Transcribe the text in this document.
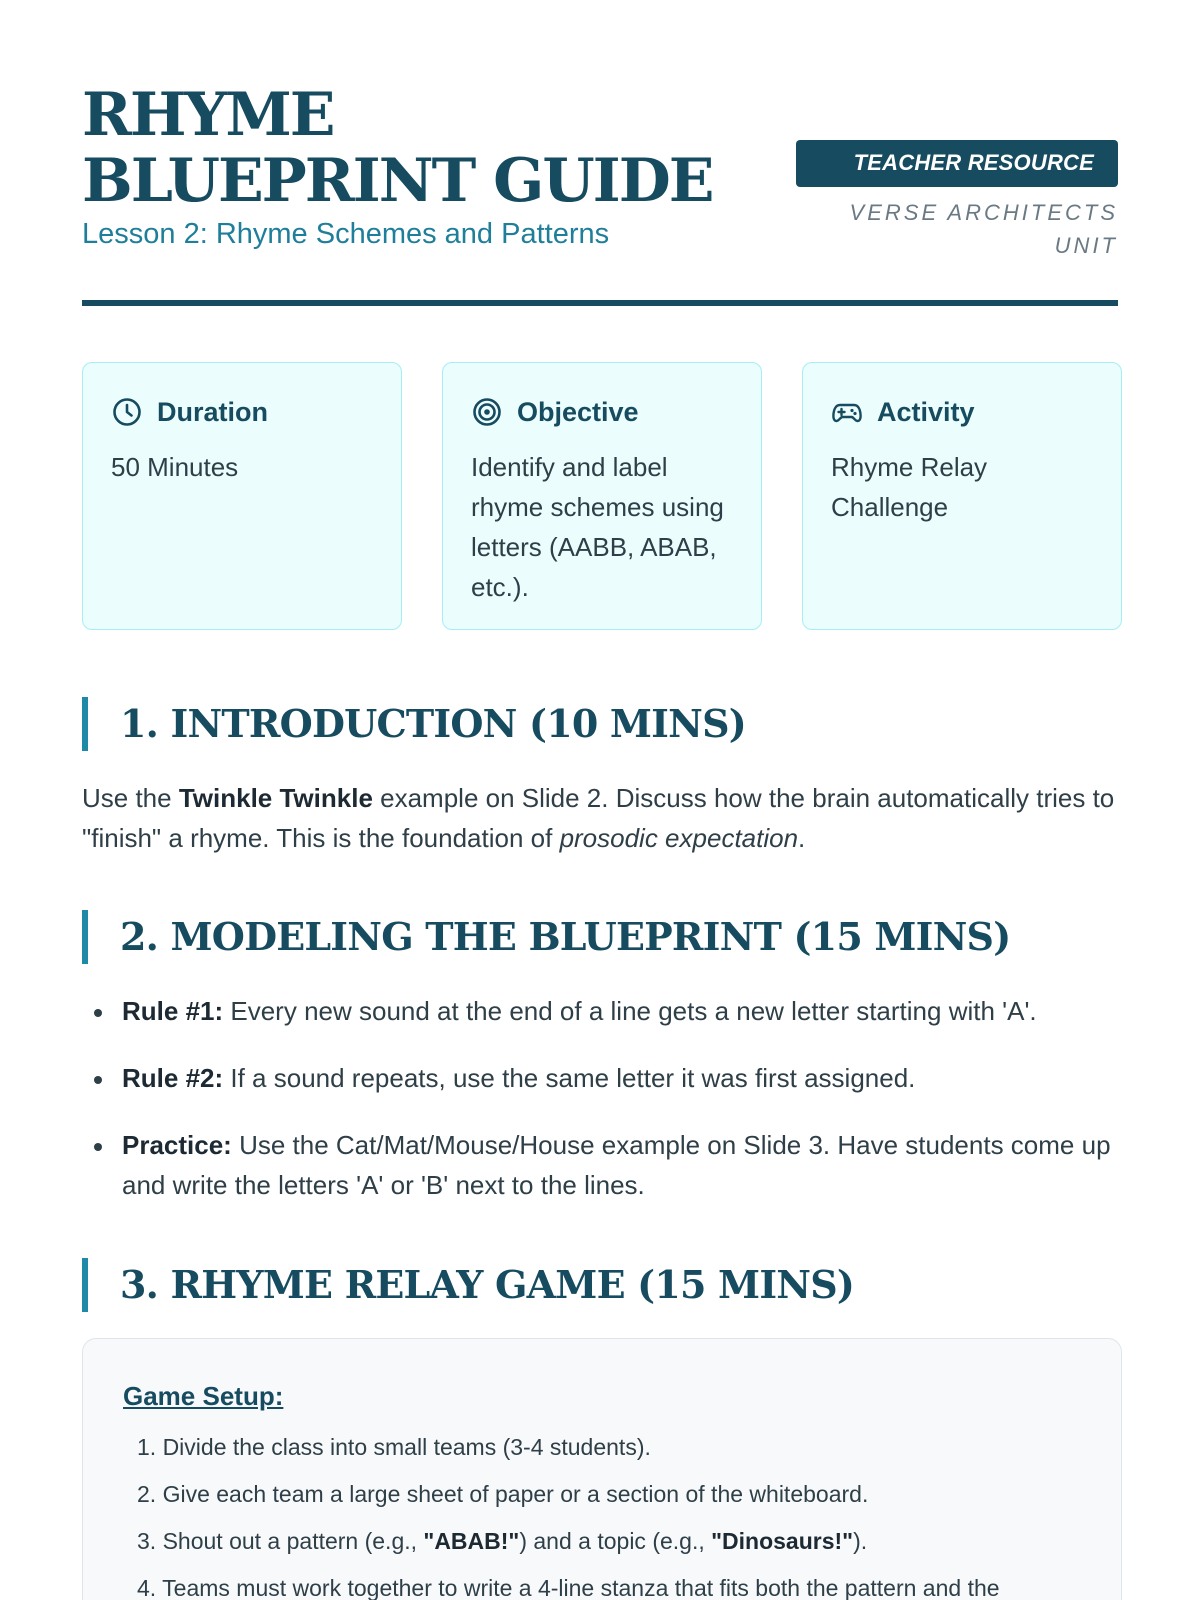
RHYME BLUEPRINT GUIDE
Lesson 2: Rhyme Schemes and Patterns
TEACHER RESOURCE
VERSE ARCHITECTS UNIT
Duration
50 Minutes
Objective
Identify and label rhyme schemes using letters (AABB, ABAB, etc.).
Activity
Rhyme Relay Challenge
1. INTRODUCTION (10 MINS)

Use the Twinkle Twinkle example on Slide 2. Discuss how the brain automatically tries to "finish" a rhyme. This is the foundation of prosodic expectation.

2. MODELING THE BLUEPRINT (15 MINS)
Rule #1: Every new sound at the end of a line gets a new letter starting with 'A'.
Rule #2: If a sound repeats, use the same letter it was first assigned.
Practice: Use the Cat/Mat/Mouse/House example on Slide 3. Have students come up and write the letters 'A' or 'B' next to the lines.
3. RHYME RELAY GAME (15 MINS)
Game Setup:
1. Divide the class into small teams (3-4 students).
2. Give each team a large sheet of paper or a section of the whiteboard.
3. Shout out a pattern (e.g., "ABAB!") and a topic (e.g., "Dinosaurs!").
4. Teams must work together to write a 4-line stanza that fits both the pattern and the
